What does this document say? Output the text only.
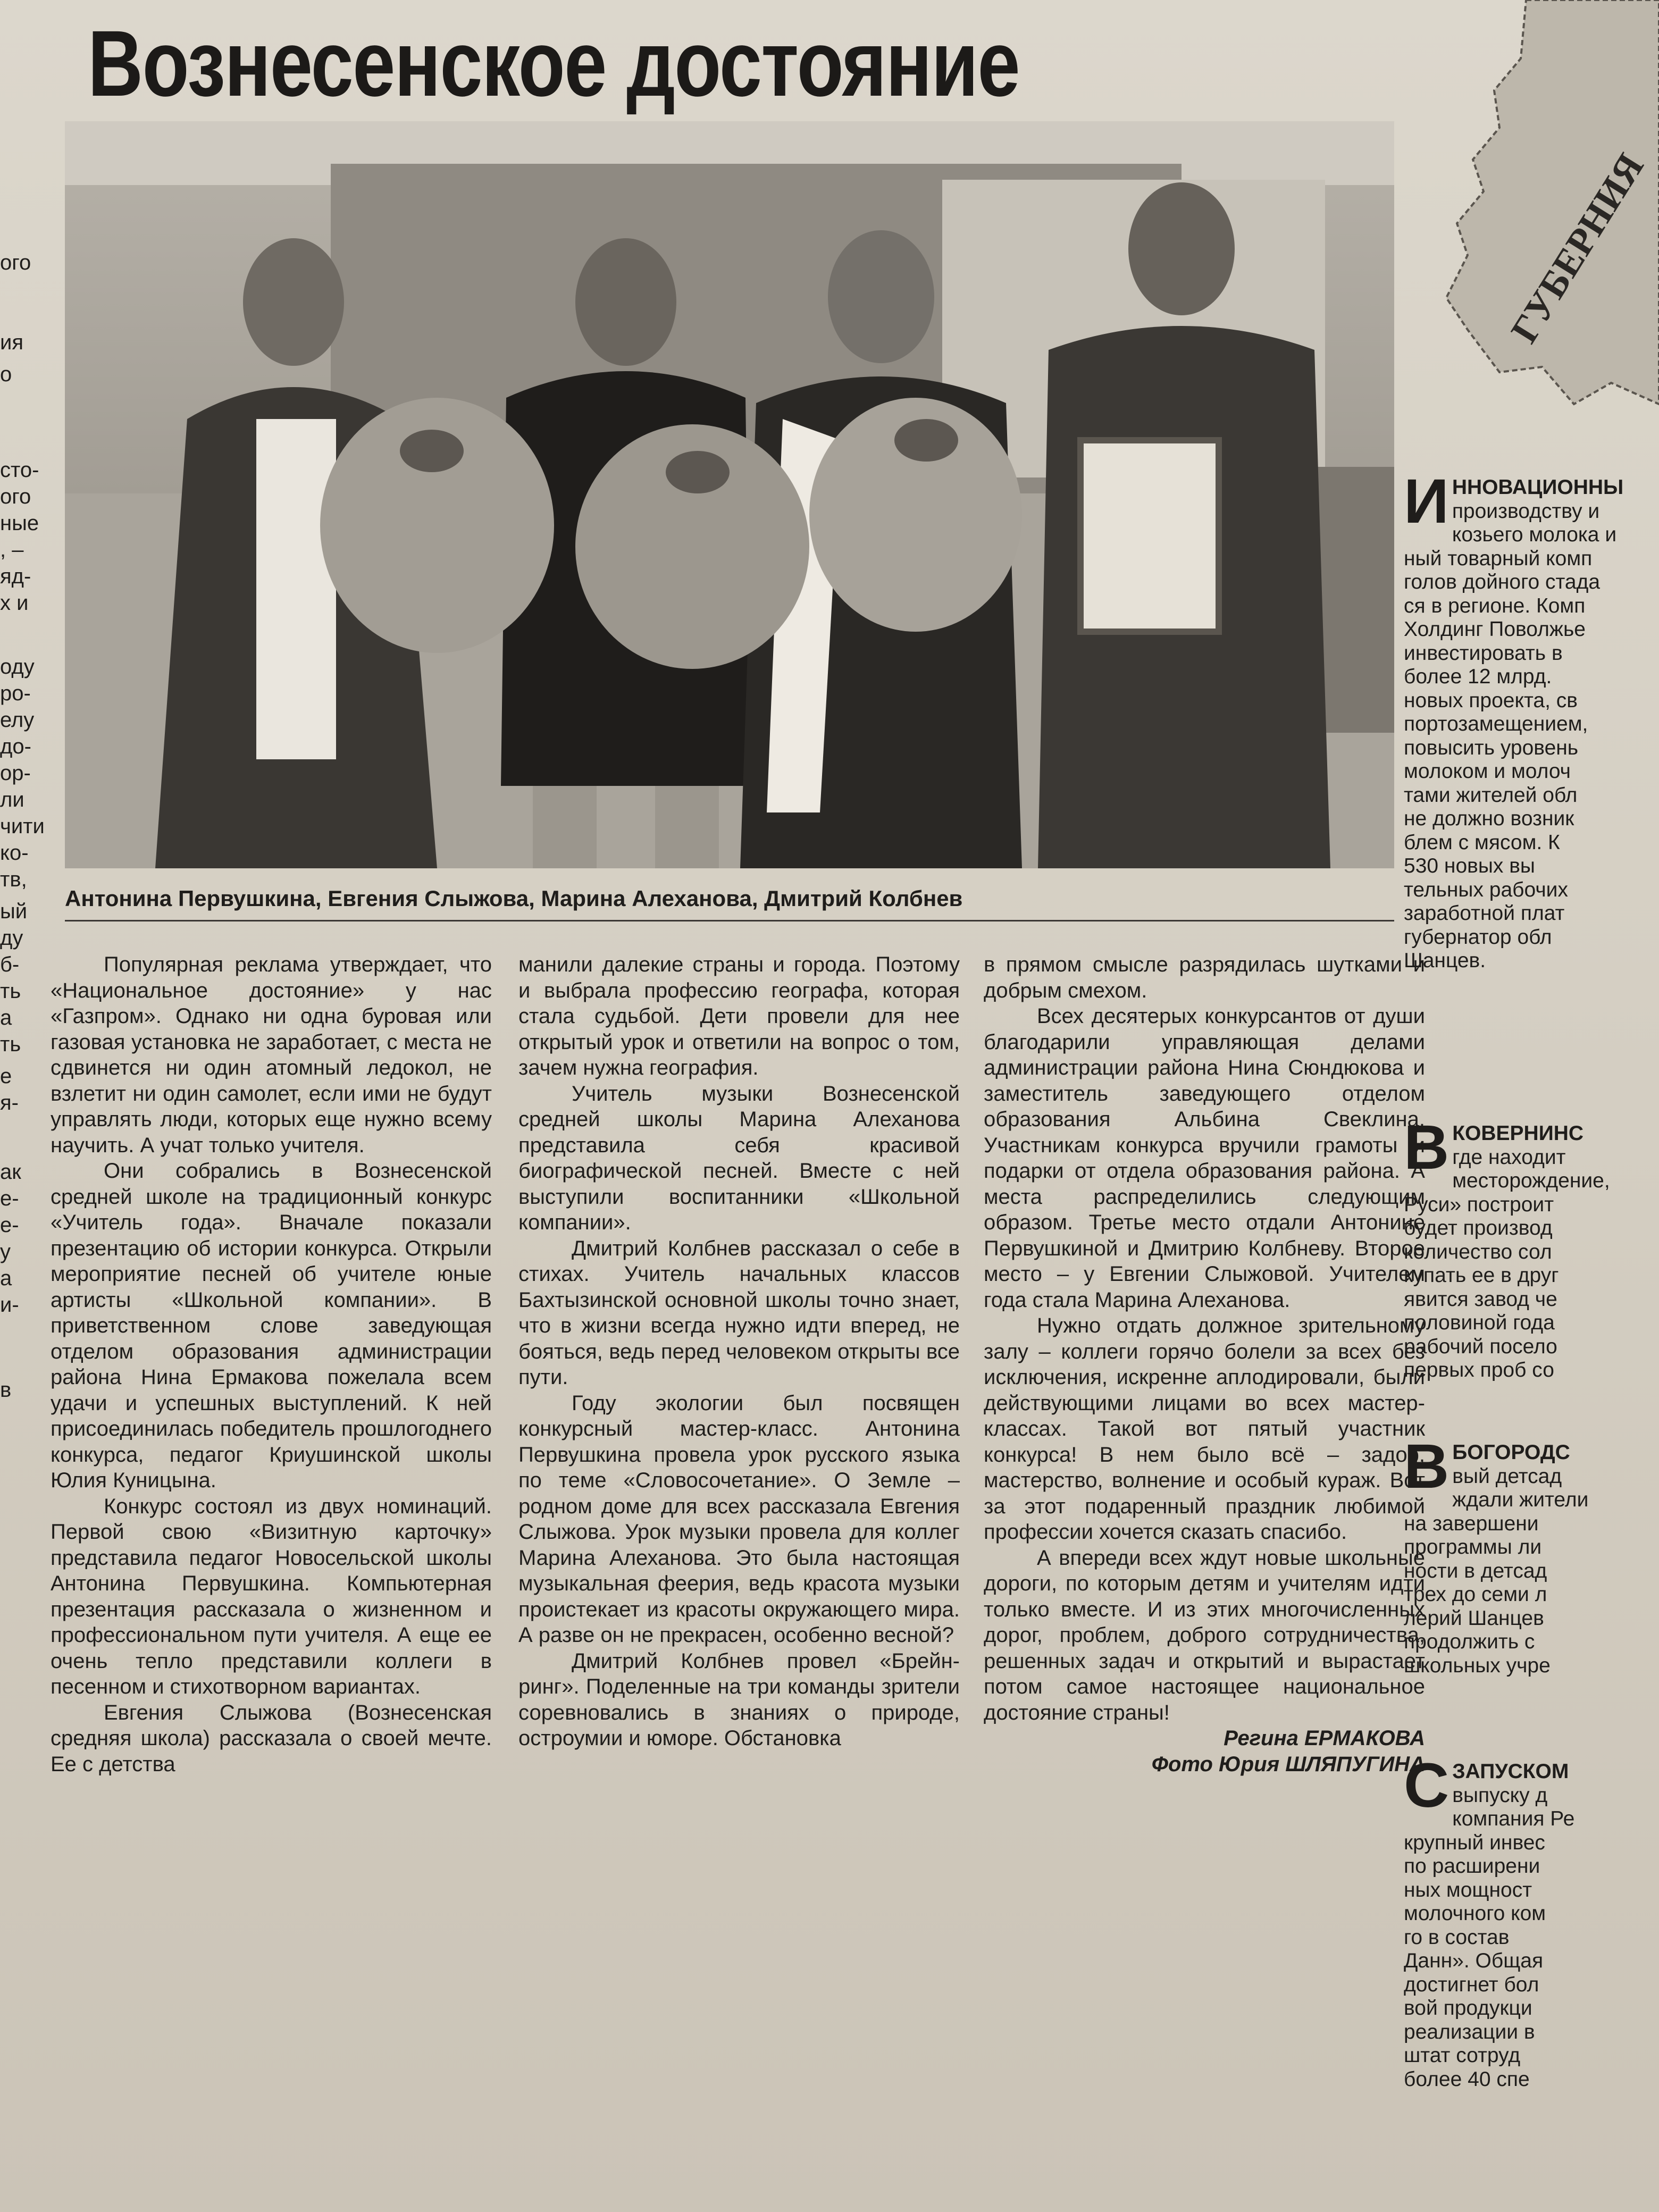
ого
ия
о
сто-
ого
ные
, –
яд-
х и
оду
ро-
елу
до-
ор-
ли
чити
ко-
тв,
ый
ду
б-
ть
а
ть
е
я-
ак
е-
е-
у
а
и-
в
Вознесенское достояние
Антонина Первушкина, Евгения Слыжова, Марина Алеханова, Дмитрий Колбнев

Популярная реклама утверждает, что «Национальное достояние» у нас «Газпром». Однако ни одна буровая или газовая установка не заработает, с места не сдвинется ни один атомный ледокол, не взлетит ни один самолет, если ими не будут управлять люди, которых еще нужно всему научить. А учат только учителя.

Они собрались в Вознесенской средней школе на традиционный конкурс «Учитель года». Вначале показали презентацию об истории конкурса. Открыли мероприятие песней об учителе юные артисты «Школьной компании». В приветственном слове заведующая отделом образования администрации района Нина Ермакова пожелала всем удачи и успешных выступлений. К ней присоединилась победитель прошлогоднего конкурса, педагог Криушинской школы Юлия Куницына.

Конкурс состоял из двух номинаций. Первой свою «Визитную карточку» представила педагог Новосельской школы Антонина Первушкина. Компьютерная презентация рассказала о жизненном и профессиональном пути учителя. А еще ее очень тепло представили коллеги в песенном и стихотворном вариантах.

Евгения Слыжова (Вознесенская средняя школа) рассказала о своей мечте. Ее с детства

манили далекие страны и города. Поэтому и выбрала профессию географа, которая стала судьбой. Дети провели для нее открытый урок и ответили на вопрос о том, зачем нужна география.

Учитель музыки Вознесенской средней школы Марина Алеханова представила себя красивой биографической песней. Вместе с ней выступили воспитанники «Школьной компании».

Дмитрий Колбнев рассказал о себе в стихах. Учитель начальных классов Бахтызинской основной школы точно знает, что в жизни всегда нужно идти вперед, не бояться, ведь перед человеком открыты все пути.

Году экологии был посвящен конкурсный мастер-класс. Антонина Первушкина провела урок русского языка по теме «Словосочетание». О Земле – родном доме для всех рассказала Евгения Слыжова. Урок музыки провела для коллег Марина Алеханова. Это была настоящая музыкальная феерия, ведь красота музыки проистекает из красоты окружающего мира. А разве он не прекрасен, особенно весной?

Дмитрий Колбнев провел «Брейн-ринг». Поделенные на три команды зрители соревновались в знаниях о природе, остроумии и юморе. Обстановка

в прямом смысле разрядилась шутками и добрым смехом.

Всех десятерых конкурсантов от души благодарили управляющая делами администрации района Нина Сюндюкова и заместитель заведующего отделом образования Альбина Свеклина. Участникам конкурса вручили грамоты и подарки от отдела образования района. А места распределились следующим образом. Третье место отдали Антонине Первушкиной и Дмитрию Колбневу. Второе место – у Евгении Слыжовой. Учителем года стала Марина Алеханова.

Нужно отдать должное зрительному залу – коллеги горячо болели за всех без исключения, искренне аплодировали, были действующими лицами во всех мастер-классах. Такой вот пятый участник конкурса! В нем было всё – задор, мастерство, волнение и особый кураж. Вот за этот подаренный праздник любимой профессии хочется сказать спасибо.

А впереди всех ждут новые школьные дороги, по которым детям и учителям идти только вместе. И из этих многочисленных дорог, проблем, доброго сотрудничества, решенных задач и открытий и вырастает потом самое настоящее национальное достояние страны!

Регина ЕРМАКОВА

Фото Юрия ШЛЯПУГИНА

ГУБЕРНИЯ
И ННОВАЦИОННЫ
производству и
козьего молока и
ный товарный комп
голов дойного стада
ся в регионе. Комп
Холдинг Поволжье
инвестировать в
более 12 млрд.
новых проекта, св
портозамещением,
повысить уровень
молоком и молоч
тами жителей обл
не должно возник
блем с мясом. К
530 новых вы
тельных рабочих
заработной плат
губернатор обл
Шанцев.
В КОВЕРНИНС
где находит
месторождение,
Руси» построит
будет производ
количество сол
купать ее в друг
явится завод че
половиной года
рабочий посело
первых проб со
В БОГОРОДС
вый детсад
ждали жители
на завершени
программы ли
ности в детсад
трех до семи л
лерий Шанцев
продолжить с
школьных учре
С ЗАПУСКОМ
выпуску д
компания Ре
крупный инвес
по расширени
ных мощност
молочного ком
го в состав
Данн». Общая
достигнет бол
вой продукци
реализации в
штат сотруд
более 40 спе
